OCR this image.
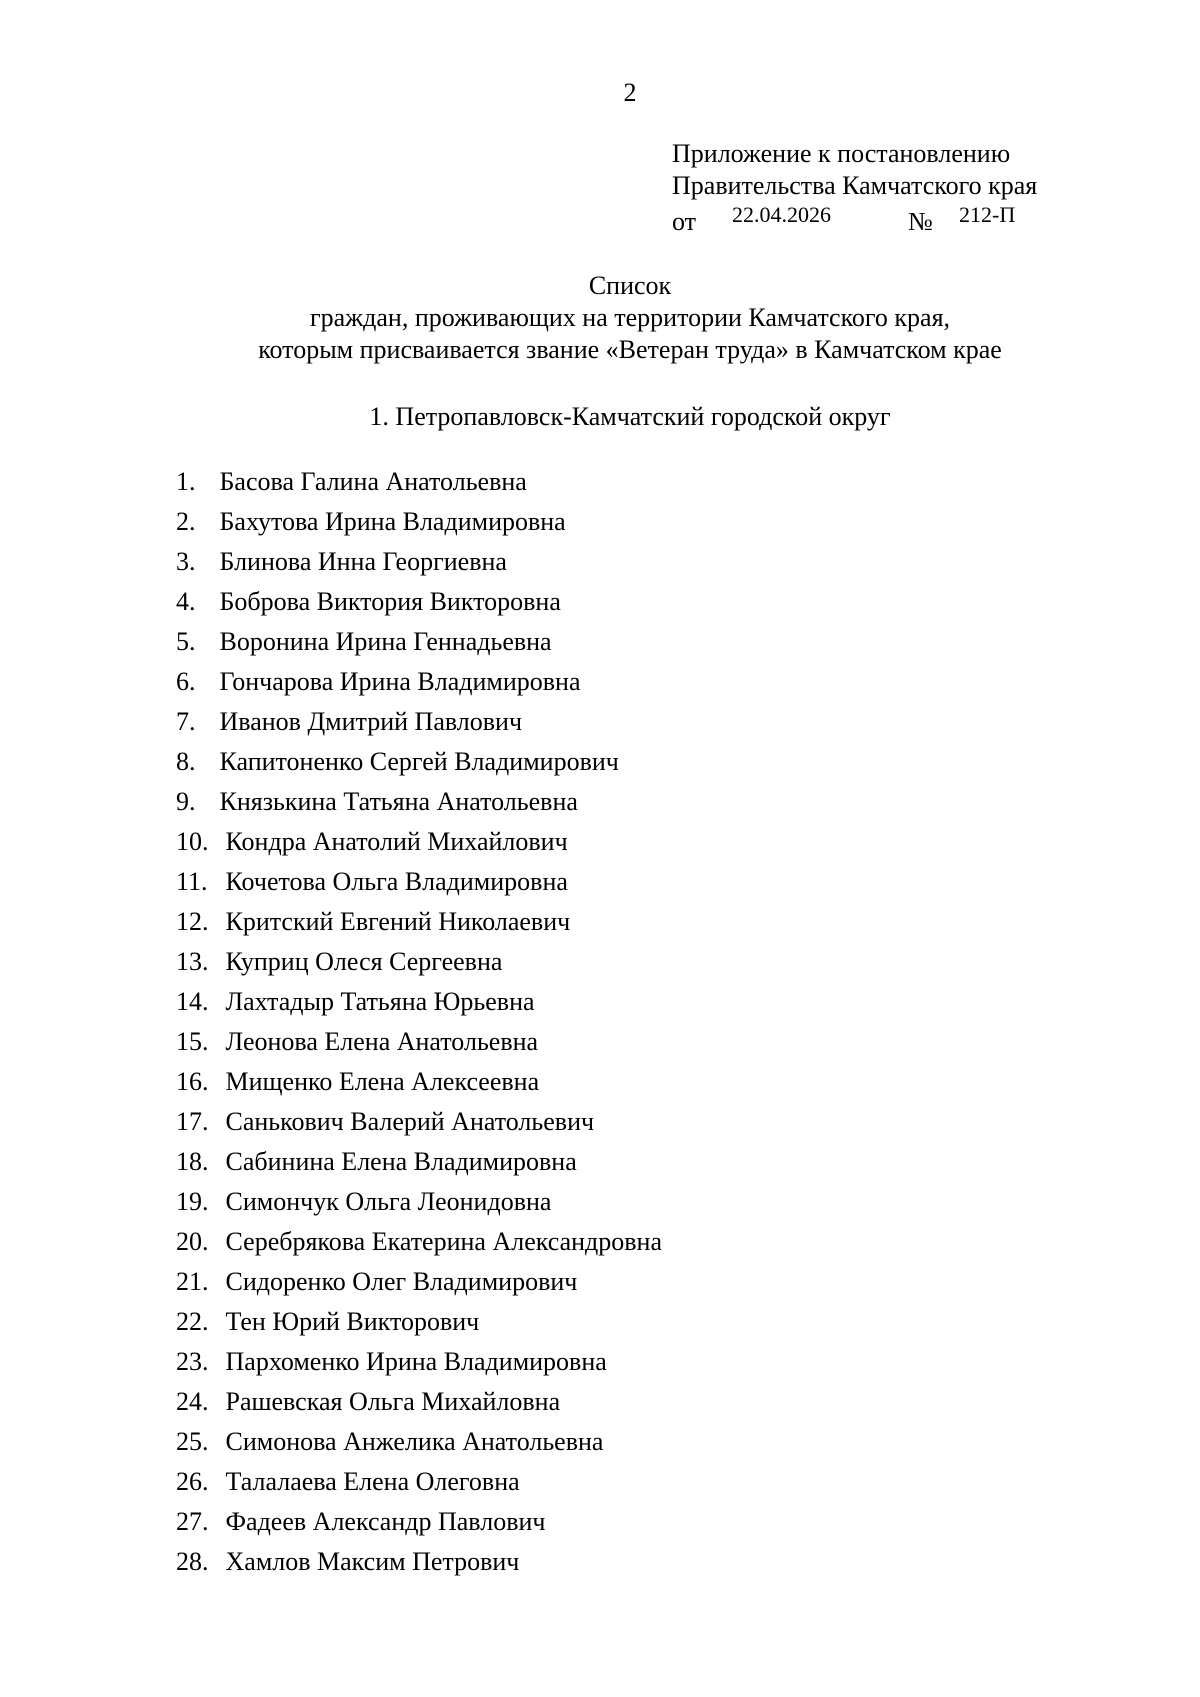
2
Приложение к постановлению
Правительства Камчатского края
от 22.04.2026	№ 212-П
Список
граждан, проживающих на территории Камчатского края,
которым присваивается звание «Ветеран труда» в Камчатском крае
1. Петропавловск-Камчатский городской округ
1. Басова Галина Анатольевна
2. Бахутова Ирина Владимировна
3. Блинова Инна Георгиевна
4. Боброва Виктория Викторовна
5. Воронина Ирина Геннадьевна
6. Гончарова Ирина Владимировна
7. Иванов Дмитрий Павлович
8. Капитоненко Сергей Владимирович
9. Князькина Татьяна Анатольевна
10. Кондра Анатолий Михайлович
11. Кочетова Ольга Владимировна
12. Критский Евгений Николаевич
13. Куприц Олеся Сергеевна
14. Лахтадыр Татьяна Юрьевна
15. Леонова Елена Анатольевна
16. Мищенко Елена Алексеевна
17. Санькович Валерий Анатольевич
18. Сабинина Елена Владимировна
19. Симончук Ольга Леонидовна
20. Серебрякова Екатерина Александровна
21. Сидоренко Олег Владимирович
22. Тен Юрий Викторович
23. Пархоменко Ирина Владимировна
24. Рашевская Ольга Михайловна
25. Симонова Анжелика Анатольевна
26. Талалаева Елена Олеговна
27. Фадеев Александр Павлович
28. Хамлов Максим Петрович
